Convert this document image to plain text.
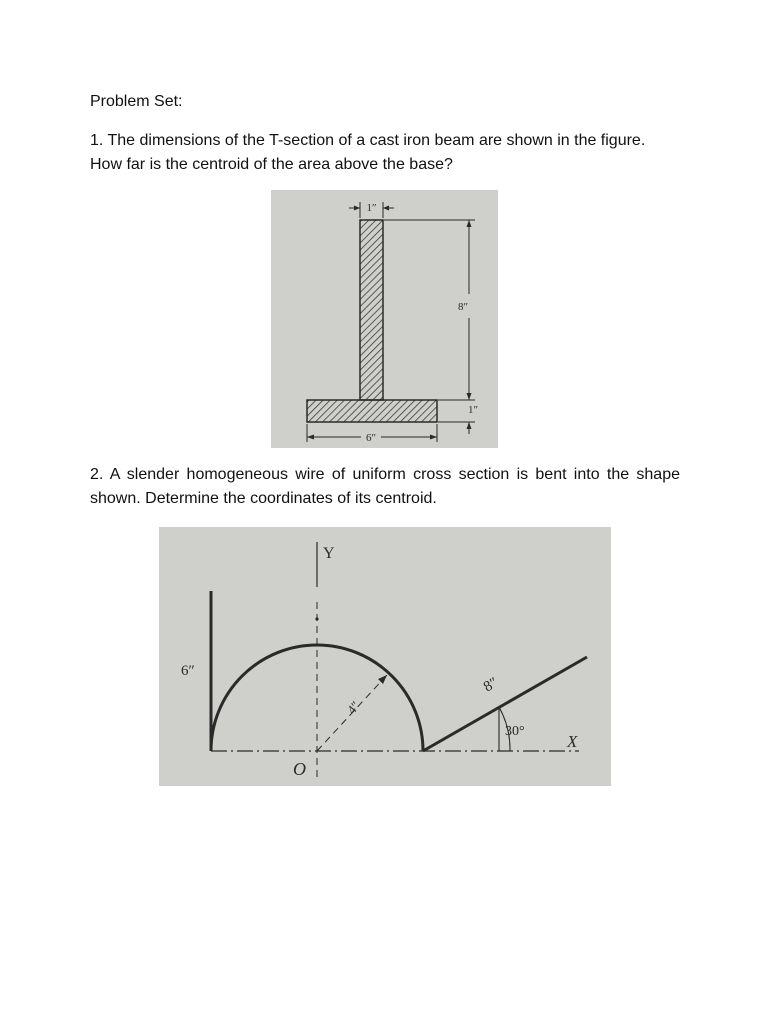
Problem Set:
1. The dimensions of the T-section of a cast iron beam are shown in the figure. How far is the centroid of the area above the base?
1″
8″
1″
6″
2. A slender homogeneous wire of uniform cross section is bent into the shape shown. Determine the coordinates of its centroid.
Y
X
O
4″
6″
8″
30°
